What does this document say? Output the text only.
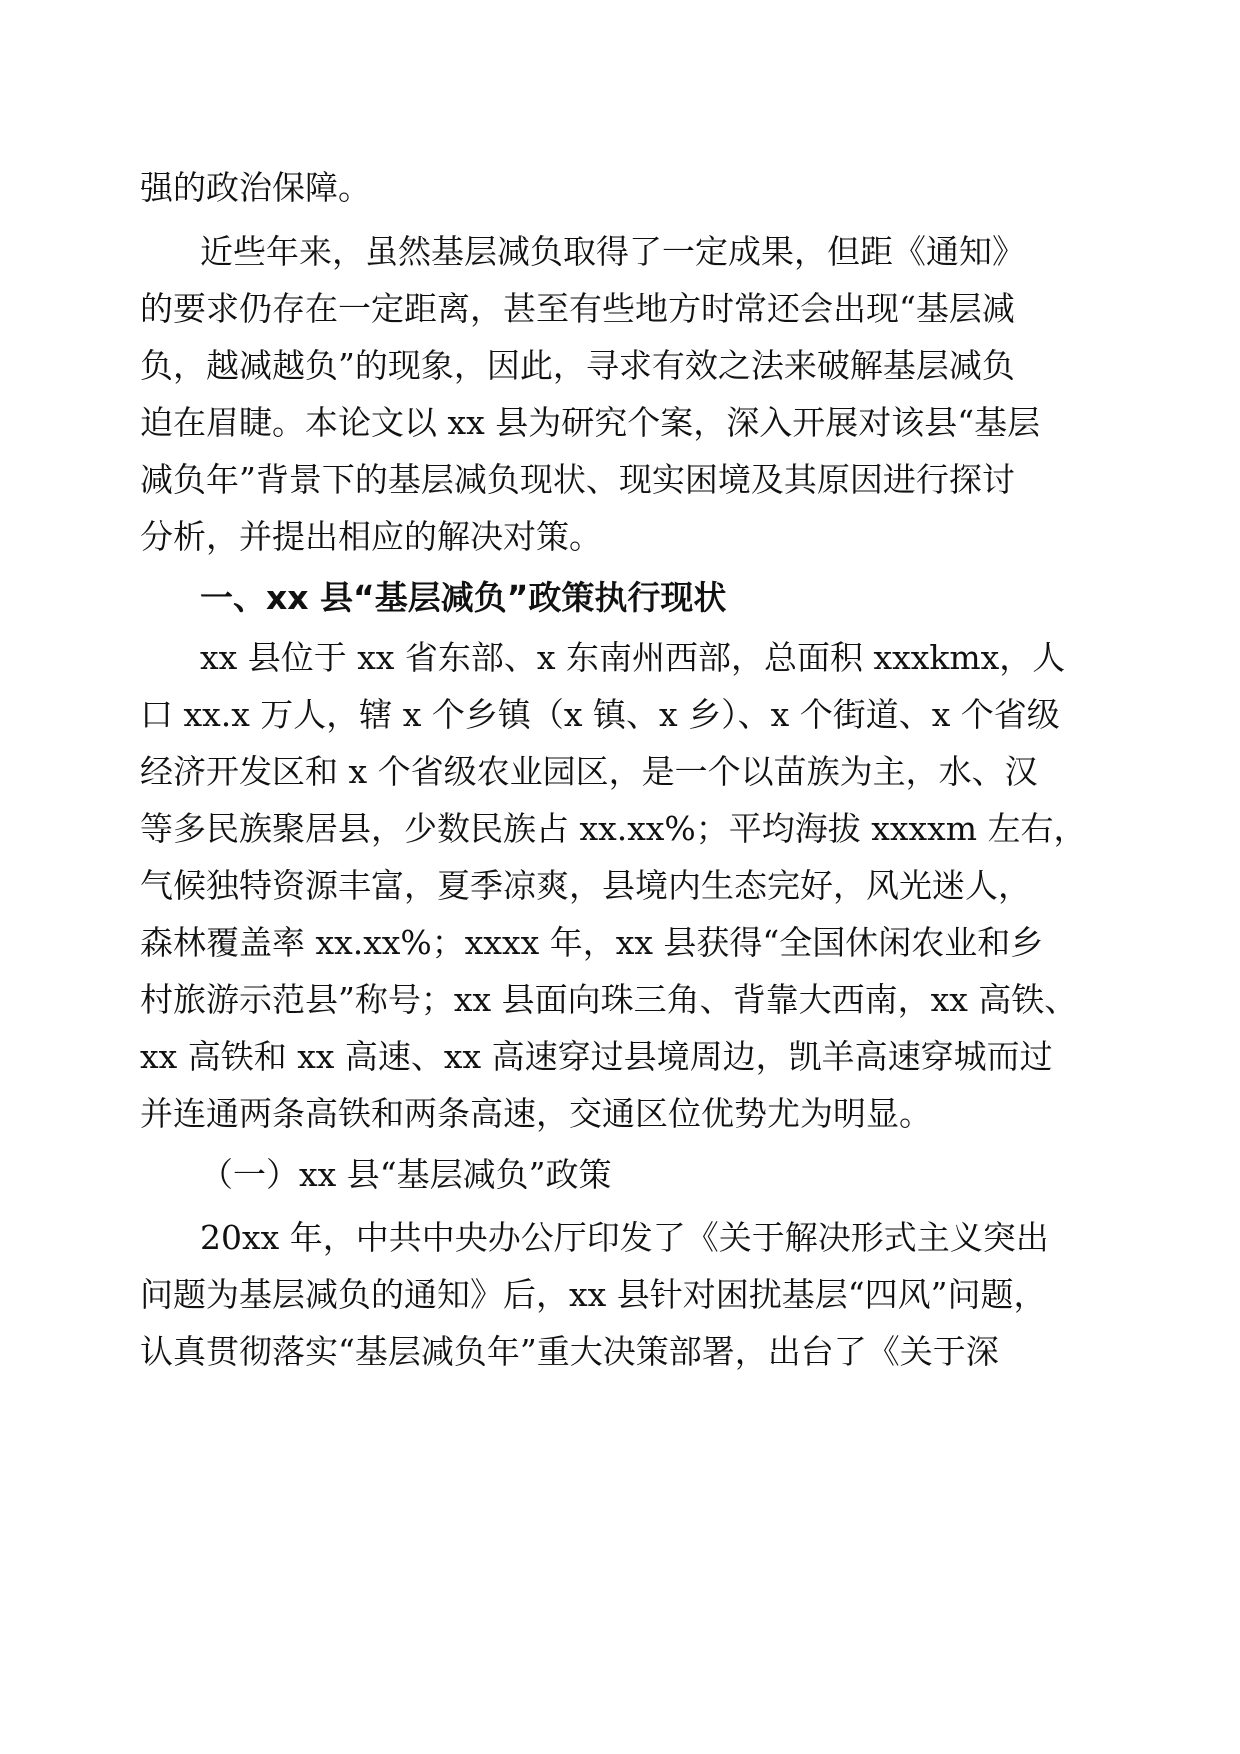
强的政治保障。

近些年来，虽然基层减负取得了一定成果，但距《通知》

的要求仍存在一定距离，甚至有些地方时常还会出现“基层减

负，越减越负”的现象，因此，寻求有效之法来破解基层减负

迫在眉睫。本论文以 xx 县为研究个案，深入开展对该县“基层

减负年”背景下的基层减负现状、现实困境及其原因进行探讨

分析，并提出相应的解决对策。

一、xx 县“基层减负”政策执行现状

xx 县位于 xx 省东部、x 东南州西部，总面积 xxxkmx，人

口 xx.x 万人，辖 x 个乡镇（x 镇、x 乡）、x 个街道、x 个省级

经济开发区和 x 个省级农业园区，是一个以苗族为主，水、汉

等多民族聚居县，少数民族占 xx.xx%；平均海拔 xxxxm 左右，

气候独特资源丰富，夏季凉爽，县境内生态完好，风光迷人，

森林覆盖率 xx.xx%；xxxx 年，xx 县获得“全国休闲农业和乡

村旅游示范县”称号；xx 县面向珠三角、背靠大西南，xx 高铁、

xx 高铁和 xx 高速、xx 高速穿过县境周边，凯羊高速穿城而过

并连通两条高铁和两条高速，交通区位优势尤为明显。

（一）xx 县“基层减负”政策

20xx 年，中共中央办公厅印发了《关于解决形式主义突出

问题为基层减负的通知》后，xx 县针对困扰基层“四风”问题，

认真贯彻落实“基层减负年”重大决策部署，出台了《关于深
